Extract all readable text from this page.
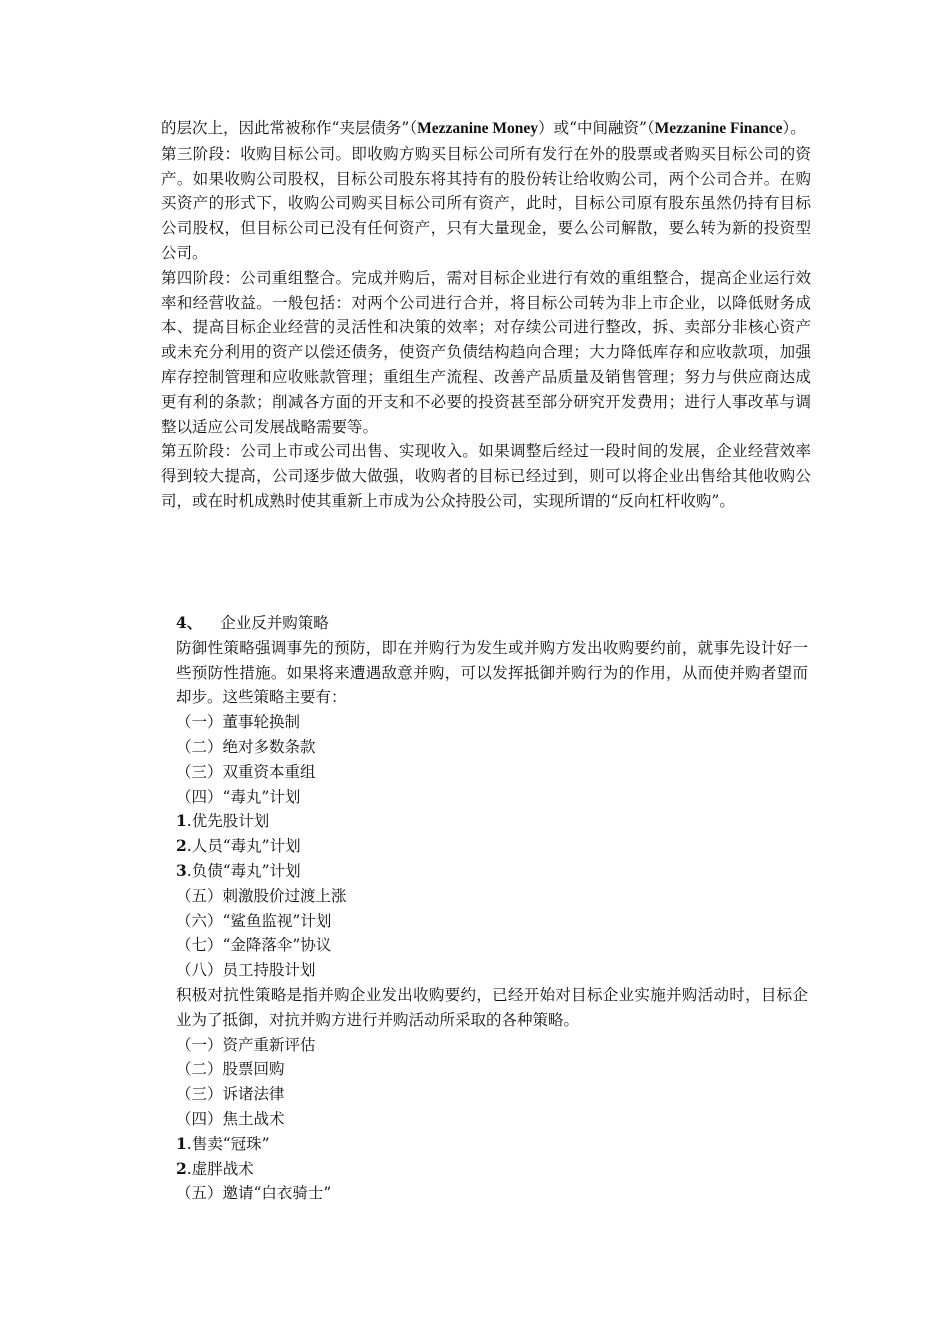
的层次上，因此常被称作“夹层债务”（Mezzanine Money）或“中间融资”（Mezzanine Finance）。

第三阶段：收购目标公司。即收购方购买目标公司所有发行在外的股票或者购买目标公司的资产。如果收购公司股权，目标公司股东将其持有的股份转让给收购公司，两个公司合并。在购买资产的形式下，收购公司购买目标公司所有资产，此时，目标公司原有股东虽然仍持有目标公司股权，但目标公司已没有任何资产，只有大量现金，要么公司解散，要么转为新的投资型公司。

第四阶段：公司重组整合。完成并购后，需对目标企业进行有效的重组整合，提高企业运行效率和经营收益。一般包括：对两个公司进行合并，将目标公司转为非上市企业，以降低财务成本、提高目标企业经营的灵活性和决策的效率；对存续公司进行整改，拆、卖部分非核心资产或未充分利用的资产以偿还债务，使资产负债结构趋向合理；大力降低库存和应收款项，加强库存控制管理和应收账款管理；重组生产流程、改善产品质量及销售管理；努力与供应商达成更有利的条款；削减各方面的开支和不必要的投资甚至部分研究开发费用；进行人事改革与调整以适应公司发展战略需要等。

第五阶段：公司上市或公司出售、实现收入。如果调整后经过一段时间的发展，企业经营效率得到较大提高，公司逐步做大做强，收购者的目标已经过到，则可以将企业出售给其他收购公司，或在时机成熟时使其重新上市成为公众持股公司，实现所谓的“反向杠杆收购”。

4、 企业反并购策略

防御性策略强调事先的预防，即在并购行为发生或并购方发出收购要约前，就事先设计好一些预防性措施。如果将来遭遇敌意并购，可以发挥抵御并购行为的作用，从而使并购者望而却步。这些策略主要有：

（一）董事轮换制

（二）绝对多数条款

（三）双重资本重组

（四）“毒丸”计划

1.优先股计划

2.人员“毒丸”计划

3.负债“毒丸”计划

（五）刺激股价过渡上涨

（六）“鲨鱼监视”计划

（七）“金降落伞”协议

（八）员工持股计划

积极对抗性策略是指并购企业发出收购要约，已经开始对目标企业实施并购活动时，目标企业为了抵御，对抗并购方进行并购活动所采取的各种策略。

（一）资产重新评估

（二）股票回购

（三）诉诸法律

（四）焦土战术

1.售卖“冠珠”

2.虚胖战术

（五）邀请“白衣骑士”
